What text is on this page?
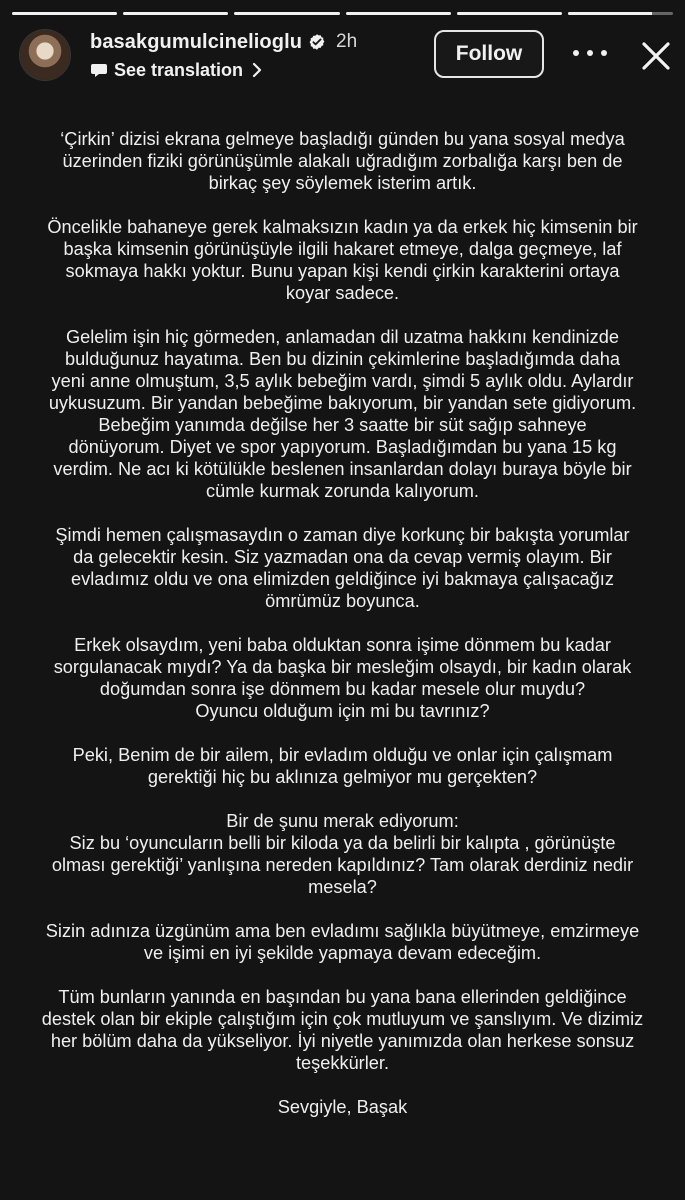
basakgumulcinelioglu 2h
See translation
Follow

‘Çirkin’ dizisi ekrana gelmeye başladığı günden bu yana sosyal medya
üzerinden fiziki görünüşümle alakalı uğradığım zorbalığa karşı ben de
birkaç şey söylemek isterim artık.

Öncelikle bahaneye gerek kalmaksızın kadın ya da erkek hiç kimsenin bir
başka kimsenin görünüşüyle ilgili hakaret etmeye, dalga geçmeye, laf
sokmaya hakkı yoktur. Bunu yapan kişi kendi çirkin karakterini ortaya
koyar sadece.

Gelelim işin hiç görmeden, anlamadan dil uzatma hakkını kendinizde
bulduğunuz hayatıma. Ben bu dizinin çekimlerine başladığımda daha
yeni anne olmuştum, 3,5 aylık bebeğim vardı, şimdi 5 aylık oldu. Aylardır
uykusuzum. Bir yandan bebeğime bakıyorum, bir yandan sete gidiyorum.
Bebeğim yanımda değilse her 3 saatte bir süt sağıp sahneye
dönüyorum. Diyet ve spor yapıyorum. Başladığımdan bu yana 15 kg
verdim. Ne acı ki kötülükle beslenen insanlardan dolayı buraya böyle bir
cümle kurmak zorunda kalıyorum.

Şimdi hemen çalışmasaydın o zaman diye korkunç bir bakışta yorumlar
da gelecektir kesin. Siz yazmadan ona da cevap vermiş olayım. Bir
evladımız oldu ve ona elimizden geldiğince iyi bakmaya çalışacağız
ömrümüz boyunca.

Erkek olsaydım, yeni baba olduktan sonra işime dönmem bu kadar
sorgulanacak mıydı? Ya da başka bir mesleğim olsaydı, bir kadın olarak
doğumdan sonra işe dönmem bu kadar mesele olur muydu?
Oyuncu olduğum için mi bu tavrınız?

Peki, Benim de bir ailem, bir evladım olduğu ve onlar için çalışmam
gerektiği hiç bu aklınıza gelmiyor mu gerçekten?

Bir de şunu merak ediyorum:
Siz bu ‘oyuncuların belli bir kiloda ya da belirli bir kalıpta , görünüşte
olması gerektiği’ yanlışına nereden kapıldınız? Tam olarak derdiniz nedir
mesela?

Sizin adınıza üzgünüm ama ben evladımı sağlıkla büyütmeye, emzirmeye
ve işimi en iyi şekilde yapmaya devam edeceğim.

Tüm bunların yanında en başından bu yana bana ellerinden geldiğince
destek olan bir ekiple çalıştığım için çok mutluyum ve şanslıyım. Ve dizimiz
her bölüm daha da yükseliyor. İyi niyetle yanımızda olan herkese sonsuz
teşekkürler.

Sevgiyle, Başak
